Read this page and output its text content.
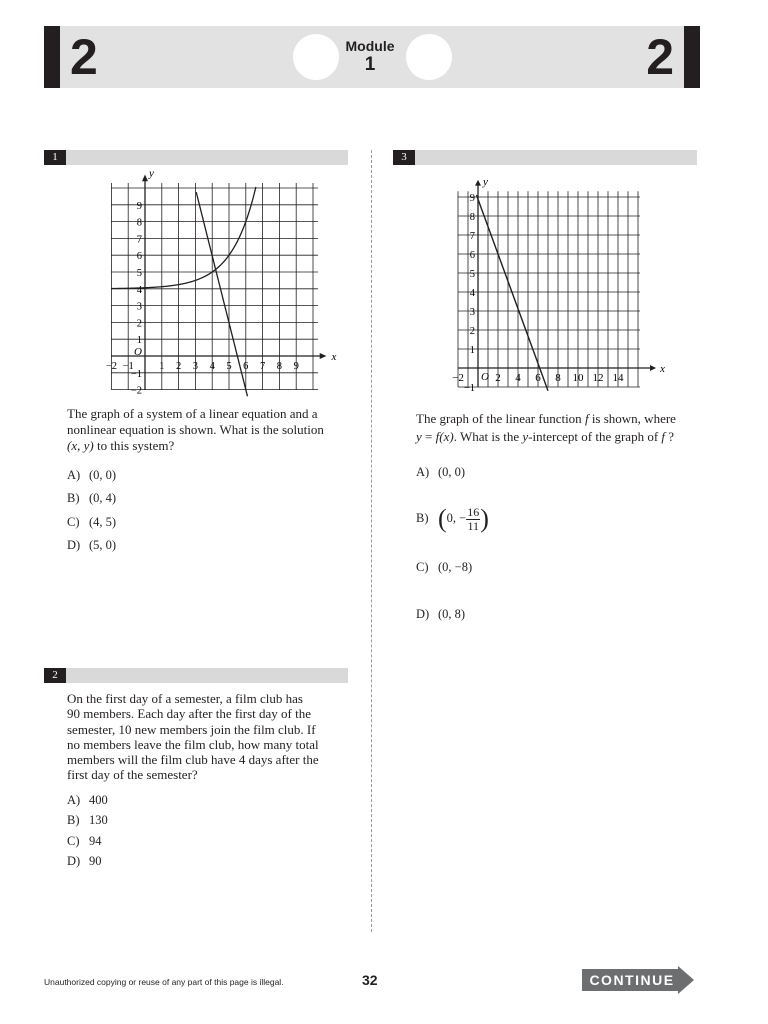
2	Module
1	2
1
x
y
O
−2 −1 1 2 3 4 5 6 7 8 9
9
8
7
6
5
4
3
2
1
−1
−2
The graph of a system of a linear equation and a
nonlinear equation is shown. What is the solution
(x, y) to this system?
A) (0, 0)
B) (0, 4)
C) (4, 5)
D) (5, 0)
2
On the first day of a semester, a film club has
90 members. Each day after the first day of the
semester, 10 new members join the film club. If
no members leave the film club, how many total
members will the film club have 4 days after the
first day of the semester?
A) 400
B) 130
C) 94
D) 90
3
x
y
O
−2	2 4 6 8 10 12 14
9
8
7
6
5
4
3
2
1
−1
The graph of the linear function f is shown, where
y = f(x). What is the y-intercept of the graph of f ?
A) (0, 0)
B) (0, − $\frac{16}{11}$ )
C) (0, −8)
D) (0, 8)
Unauthorized copying or reuse of any part of this page is illegal.	32	CONTINUE
